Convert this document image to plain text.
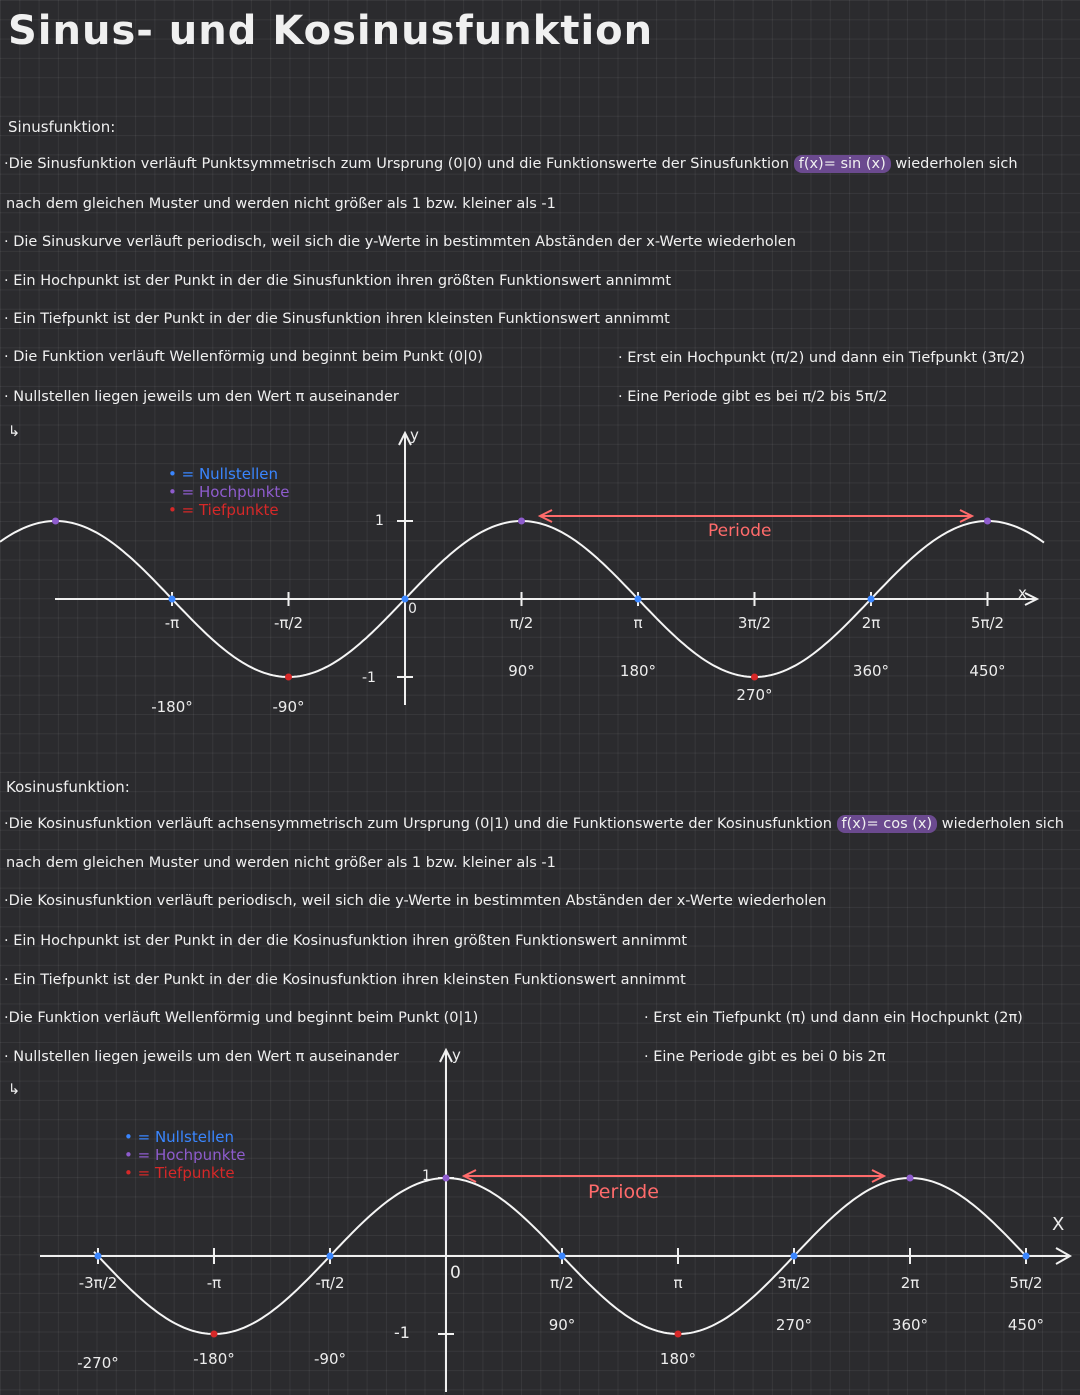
Sinus- und Kosinusfunktion
Sinusfunktion:
·Die Sinusfunktion verläuft Punktsymmetrisch zum Ursprung (0|0) und die Funktionswerte der Sinusfunktion f(x)= sin (x) wiederholen sich
nach dem gleichen Muster und werden nicht größer als 1 bzw. kleiner als -1
· Die Sinuskurve verläuft periodisch, weil sich die y-Werte in bestimmten Abständen der x-Werte wiederholen
· Ein Hochpunkt ist der Punkt in der die Sinusfunktion ihren größten Funktionswert annimmt
· Ein Tiefpunkt ist der Punkt in der die Sinusfunktion ihren kleinsten Funktionswert annimmt
· Die Funktion verläuft Wellenförmig und beginnt beim Punkt (0|0)
· Nullstellen liegen jeweils um den Wert π auseinander
↳
· Erst ein Hochpunkt (π/2) und dann ein Tiefpunkt (3π/2)
· Eine Periode gibt es bei π/2 bis 5π/2
• = Nullstellen
• = Hochpunkte
• = Tiefpunkte
Periode
y
x
0
1
-1
-π
-180°
-π/2
-90°
π/2
90°
π
180°
3π/2
270°
2π
360°
5π/2
450°
Kosinusfunktion:
·Die Kosinusfunktion verläuft achsensymmetrisch zum Ursprung (0|1) und die Funktionswerte der Kosinusfunktion f(x)= cos (x) wiederholen sich
nach dem gleichen Muster und werden nicht größer als 1 bzw. kleiner als -1
·Die Kosinusfunktion verläuft periodisch, weil sich die y-Werte in bestimmten Abständen der x-Werte wiederholen
· Ein Hochpunkt ist der Punkt in der die Kosinusfunktion ihren größten Funktionswert annimmt
· Ein Tiefpunkt ist der Punkt in der die Kosinusfunktion ihren kleinsten Funktionswert annimmt
·Die Funktion verläuft Wellenförmig und beginnt beim Punkt (0|1)
· Nullstellen liegen jeweils um den Wert π auseinander
↳
· Erst ein Tiefpunkt (π) und dann ein Hochpunkt (2π)
· Eine Periode gibt es bei 0 bis 2π
• = Nullstellen
• = Hochpunkte
• = Tiefpunkte
Periode
y
X
0
1
-1
-3π/2
-270°
-π
-180°
-π/2
-90°
π/2
90°
π
180°
3π/2
270°
2π
360°
5π/2
450°
